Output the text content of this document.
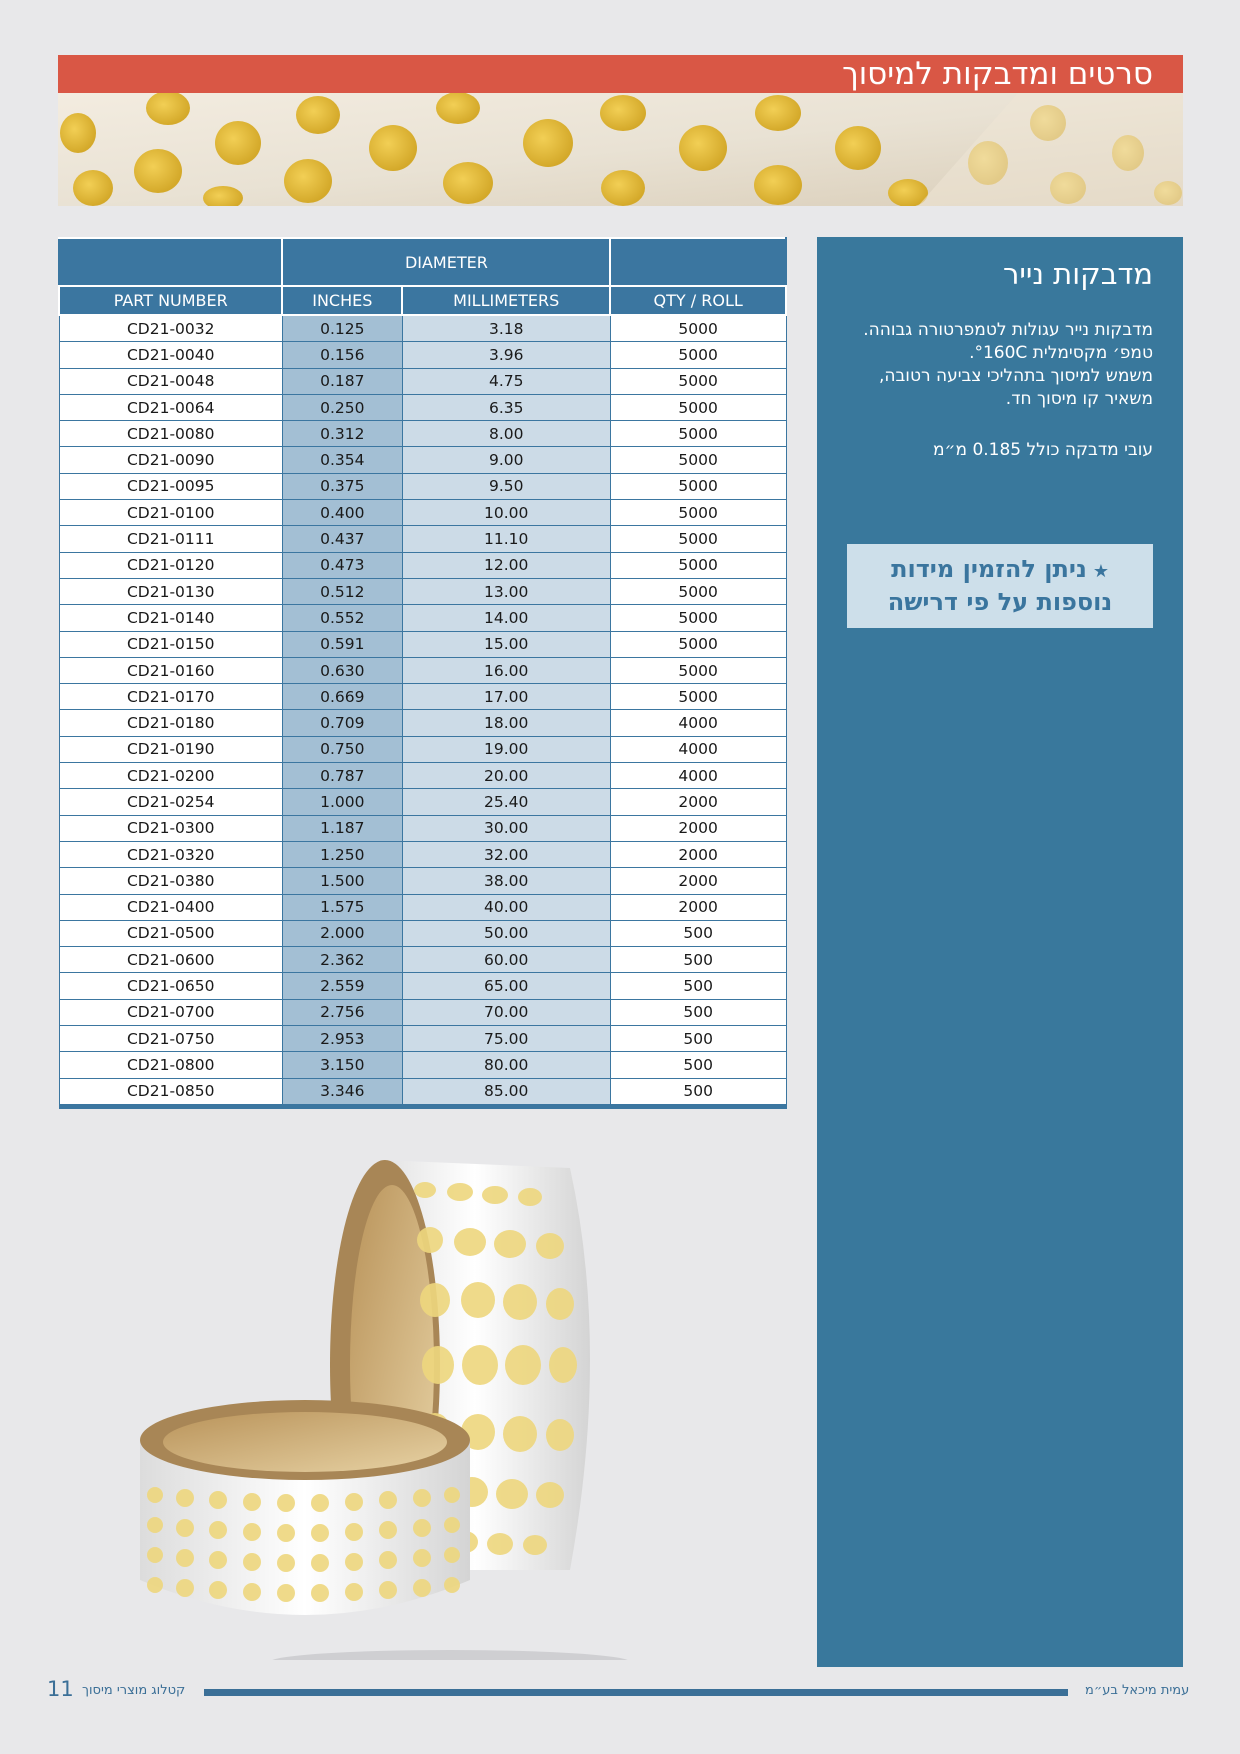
סרטים ומדבקות למיסוך
	DIAMETER		
PART NUMBER	INCHES	MILLIMETERS	QTY / ROLL
CD21-0032	0.125	3.18	5000
CD21-0040	0.156	3.96	5000
CD21-0048	0.187	4.75	5000
CD21-0064	0.250	6.35	5000
CD21-0080	0.312	8.00	5000
CD21-0090	0.354	9.00	5000
CD21-0095	0.375	9.50	5000
CD21-0100	0.400	10.00	5000
CD21-0111	0.437	11.10	5000
CD21-0120	0.473	12.00	5000
CD21-0130	0.512	13.00	5000
CD21-0140	0.552	14.00	5000
CD21-0150	0.591	15.00	5000
CD21-0160	0.630	16.00	5000
CD21-0170	0.669	17.00	5000
CD21-0180	0.709	18.00	4000
CD21-0190	0.750	19.00	4000
CD21-0200	0.787	20.00	4000
CD21-0254	1.000	25.40	2000
CD21-0300	1.187	30.00	2000
CD21-0320	1.250	32.00	2000
CD21-0380	1.500	38.00	2000
CD21-0400	1.575	40.00	2000
CD21-0500	2.000	50.00	500
CD21-0600	2.362	60.00	500
CD21-0650	2.559	65.00	500
CD21-0700	2.756	70.00	500
CD21-0750	2.953	75.00	500
CD21-0800	3.150	80.00	500
CD21-0850	3.346	85.00	500
מדבקות נייר

מדבקות נייר עגולות לטמפרטורה גבוהה.

טמפ׳ מקסימלית 160C°.

משמש למיסוך בתהליכי צביעה רטובה,

משאיר קו מיסוך חד.

עובי מדבקה כולל 0.185 מ״מ
★ניתן להזמין מידות
נוספות על פי דרישה
11 קטלוג מוצרי מיסוך	עמית מיכאל בע״מ
